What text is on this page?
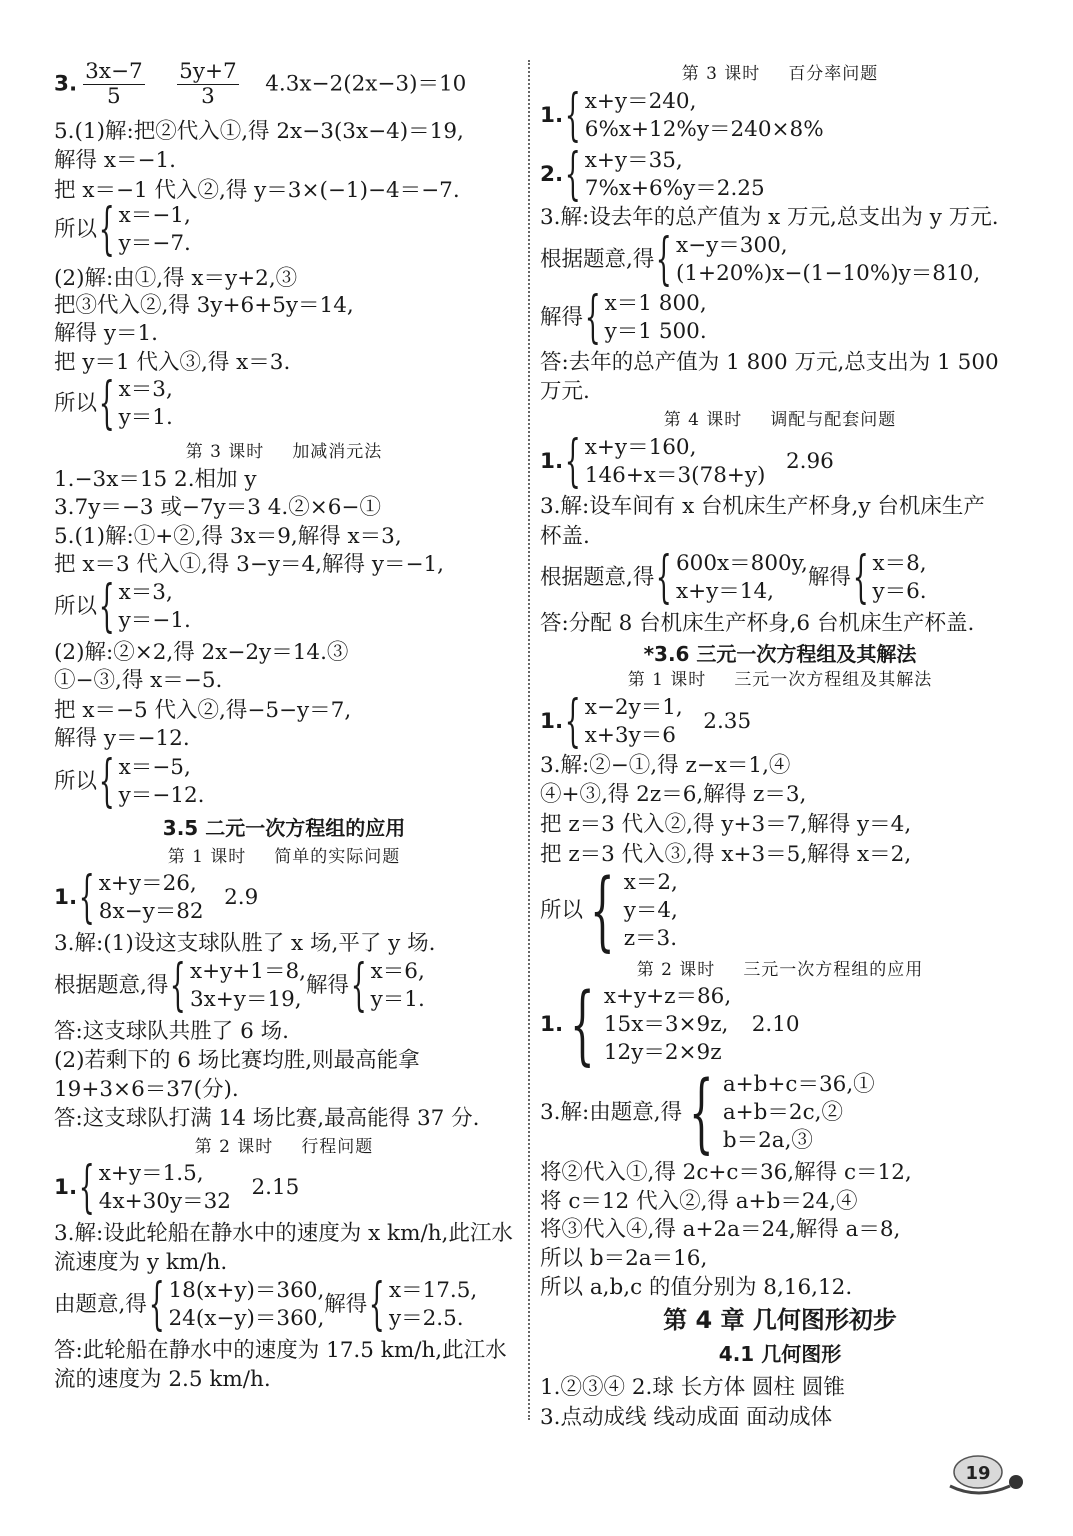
3. $\frac{3x-7}{5}$
$\frac{5y+7}{3} 4.3x-2(2x-3)=10$
5.(1)解:把②代入①,得 2x−3(3x−4)＝19,
解得 x＝−1.
把 x＝−1 代入②,得 y＝3×(−1)−4＝−7.
所以 { x＝−1,
y＝−7.
(2)解:由①,得 x＝y+2,③
把③代入②,得 3y+6+5y＝14,
解得 y＝1.
把 y＝1 代入③,得 x＝3.
所以 { x＝3,
y＝1.
第 3 课时 加减消元法
1.−3x＝15 2.相加 y
3.7y＝−3 或−7y＝3 4.②×6−①
5.(1)解:①+②,得 3x＝9,解得 x＝3,
把 x＝3 代入①,得 3−y＝4,解得 y＝−1,
所以 { x＝3,
y＝−1.
(2)解:②×2,得 2x−2y＝14.③
①−③,得 x＝−5.
把 x＝−5 代入②,得−5−y＝7,
解得 y＝−12.
所以 { x＝−5,
y＝−12.
3.5 二元一次方程组的应用
第 1 课时 简单的实际问题
1. { x+y＝26,
8x−y＝82
2.9
3.解:(1)设这支球队胜了 x 场,平了 y 场.
根据题意,得 { x+y+1＝8,
3x+y＝19,
解得 { x＝6,
y＝1.
答:这支球队共胜了 6 场.
(2)若剩下的 6 场比赛均胜,则最高能拿
19+3×6＝37(分).
答:这支球队打满 14 场比赛,最高能得 37 分.
第 2 课时 行程问题
1. { x+y＝1.5,
4x+30y＝32
2.15
3.解:设此轮船在静水中的速度为 x km/h,此江水
流速度为 y km/h.
由题意,得 { 18(x+y)＝360,
24(x−y)＝360,
解得 { x＝17.5,
y＝2.5.
答:此轮船在静水中的速度为 17.5 km/h,此江水
流的速度为 2.5 km/h.
第 3 课时 百分率问题
1. { x+y＝240,
6%x+12%y＝240×8%
2. { x+y＝35,
7%x+6%y＝2.25
3.解:设去年的总产值为 x 万元,总支出为 y 万元.
根据题意,得 { x−y＝300,
(1+20%)x−(1−10%)y＝810,
解得 { x＝1 800,
y＝1 500.
答:去年的总产值为 1 800 万元,总支出为 1 500
万元.
第 4 课时 调配与配套问题
1. { x+y＝160,
146+x＝3(78+y)
2.96
3.解:设车间有 x 台机床生产杯身,y 台机床生产
杯盖.
根据题意,得 { 600x＝800y,
x+y＝14,
解得 { x＝8,
y＝6.
答:分配 8 台机床生产杯身,6 台机床生产杯盖.
*3.6 三元一次方程组及其解法
第 1 课时 三元一次方程组及其解法
1. { x−2y＝1,
x+3y＝6
2.35
3.解:②−①,得 z−x＝1,④
④+③,得 2z＝6,解得 z＝3,
把 z＝3 代入②,得 y+3＝7,解得 y＝4,
把 z＝3 代入③,得 x+3＝5,解得 x＝2,
所以 { x＝2,
y＝4,
z＝3.
第 2 课时 三元一次方程组的应用
1. { x+y+z＝86,
15x＝3×9z,
12y＝2×9z
2.10
3.解:由题意,得 { a+b+c＝36,①
a+b＝2c,②
b＝2a,③
将②代入①,得 2c+c＝36,解得 c＝12,
将 c＝12 代入②,得 a+b＝24,④
将③代入④,得 a+2a＝24,解得 a＝8,
所以 b＝2a＝16,
所以 a,b,c 的值分别为 8,16,12.
第 4 章 几何图形初步
4.1 几何图形
1.②③④ 2.球 长方体 圆柱 圆锥
3.点动成线 线动成面 面动成体
19
